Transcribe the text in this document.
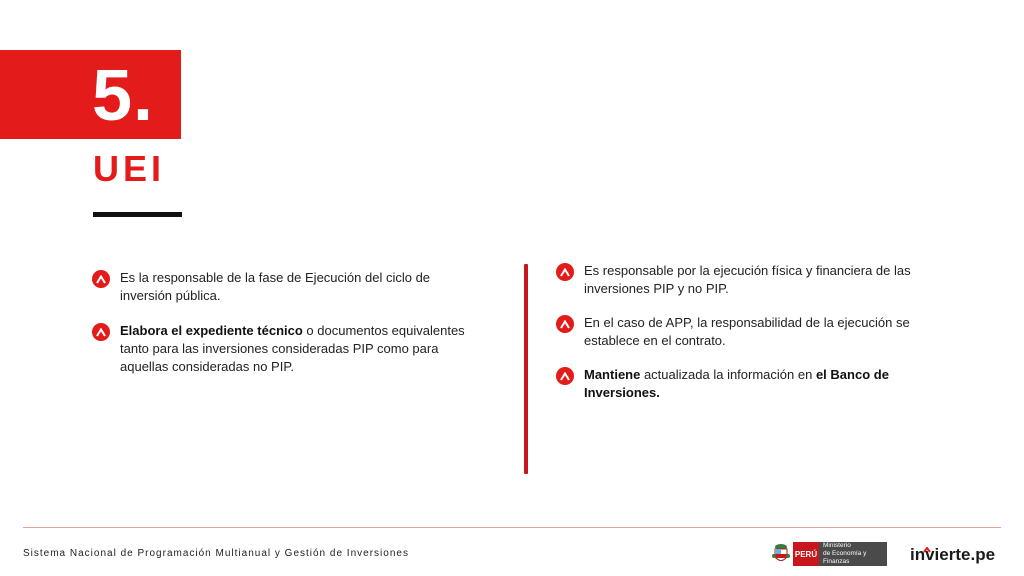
5.
UEI
Es la responsable de la fase de Ejecución del ciclo de inversión pública.
Elabora el expediente técnico o documentos equivalentes tanto para las inversiones consideradas PIP como para aquellas consideradas no PIP.
Es responsable por la ejecución física y financiera de las inversiones PIP y no PIP.
En el caso de APP, la responsabilidad de la ejecución se establece en el contrato.
Mantiene actualizada la información en el Banco de Inversiones.
Sistema Nacional de Programación Multianual y Gestión de Inversiones	PERÚ
Ministerio
de Economía y Finanzas	invierte.pe
